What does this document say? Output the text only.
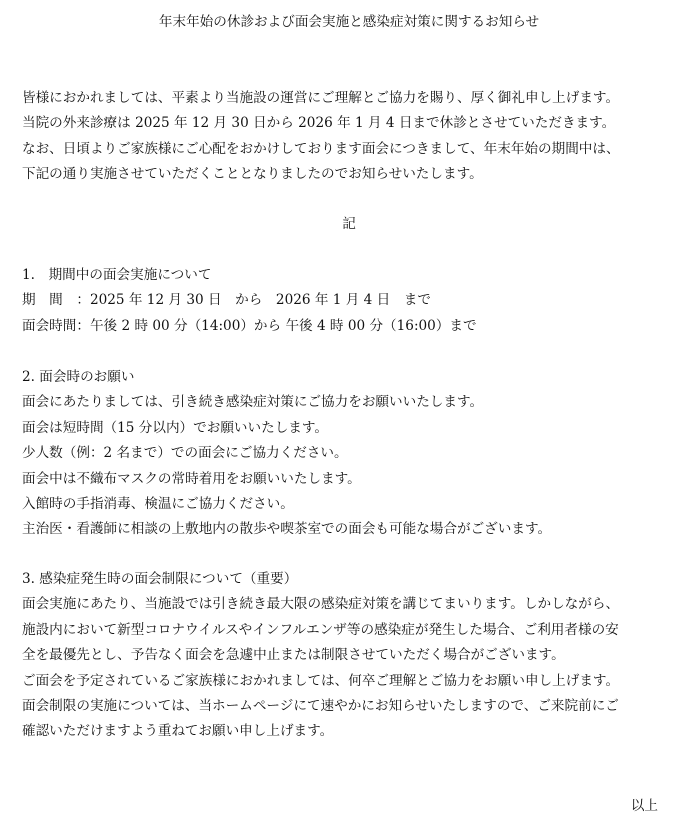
年末年始の休診および面会実施と感染症対策に関するお知らせ
皆様におかれましては、平素より当施設の運営にご理解とご協力を賜り、厚く御礼申し上げます。
当院の外来診療は 2025 年 12 月 30 日から 2026 年 1 月 4 日まで休診とさせていただきます。
なお、日頃よりご家族様にご心配をおかけしております面会につきまして、年末年始の期間中は、
下記の通り実施させていただくこととなりましたのでお知らせいたします。
記
1.　期間中の面会実施について
期　間　：2025 年 12 月 30 日　から　2026 年 1 月 4 日　まで
面会時間：午後 2 時 00 分（14:00）から 午後 4 時 00 分（16:00）まで
2. 面会時のお願い
面会にあたりましては、引き続き感染症対策にご協力をお願いいたします。
面会は短時間（15 分以内）でお願いいたします。
少人数（例：2 名まで）での面会にご協力ください。
面会中は不織布マスクの常時着用をお願いいたします。
入館時の手指消毒、検温にご協力ください。
主治医・看護師に相談の上敷地内の散歩や喫茶室での面会も可能な場合がございます。
3. 感染症発生時の面会制限について（重要）
面会実施にあたり、当施設では引き続き最大限の感染症対策を講じてまいります。しかしながら、
施設内において新型コロナウイルスやインフルエンザ等の感染症が発生した場合、ご利用者様の安
全を最優先とし、予告なく面会を急遽中止または制限させていただく場合がございます。
ご面会を予定されているご家族様におかれましては、何卒ご理解とご協力をお願い申し上げます。
面会制限の実施については、当ホームページにて速やかにお知らせいたしますので、ご来院前にご
確認いただけますよう重ねてお願い申し上げます。
以上
